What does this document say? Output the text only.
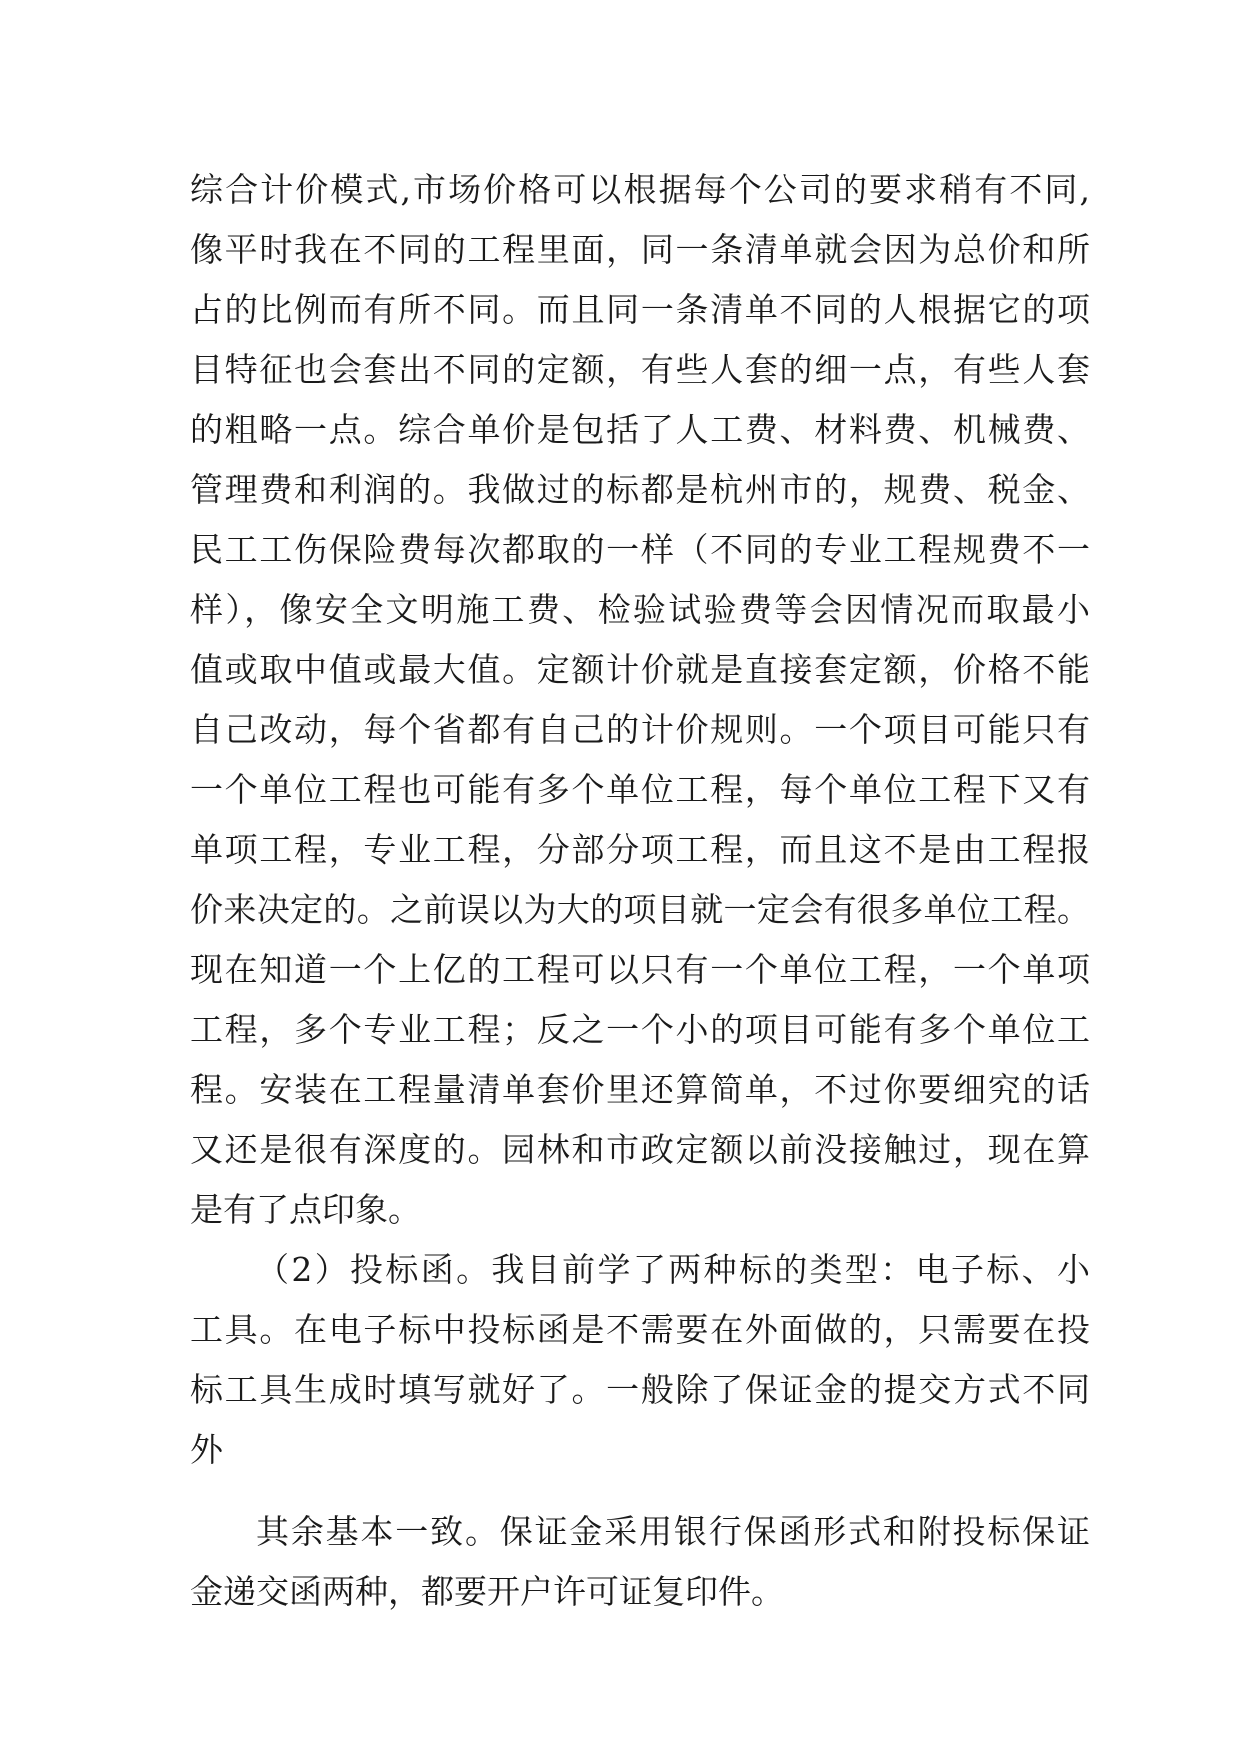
综合计价模式,市场价格可以根据每个公司的要求稍有不同,
像平时我在不同的工程里面，同一条清单就会因为总价和所
占的比例而有所不同。而且同一条清单不同的人根据它的项
目特征也会套出不同的定额，有些人套的细一点，有些人套
的粗略一点。综合单价是包括了人工费、材料费、机械费、
管理费和利润的。我做过的标都是杭州市的，规费、税金、
民工工伤保险费每次都取的一样（不同的专业工程规费不一
样），像安全文明施工费、检验试验费等会因情况而取最小
值或取中值或最大值。定额计价就是直接套定额，价格不能
自己改动，每个省都有自己的计价规则。一个项目可能只有
一个单位工程也可能有多个单位工程，每个单位工程下又有
单项工程，专业工程，分部分项工程，而且这不是由工程报
价来决定的。之前误以为大的项目就一定会有很多单位工程。
现在知道一个上亿的工程可以只有一个单位工程，一个单项
工程，多个专业工程；反之一个小的项目可能有多个单位工
程。安装在工程量清单套价里还算简单，不过你要细究的话
又还是很有深度的。园林和市政定额以前没接触过，现在算
是有了点印象。
（2）投标函。我目前学了两种标的类型：电子标、小
工具。在电子标中投标函是不需要在外面做的，只需要在投
标工具生成时填写就好了。一般除了保证金的提交方式不同
外
其余基本一致。保证金采用银行保函形式和附投标保证
金递交函两种，都要开户许可证复印件。
